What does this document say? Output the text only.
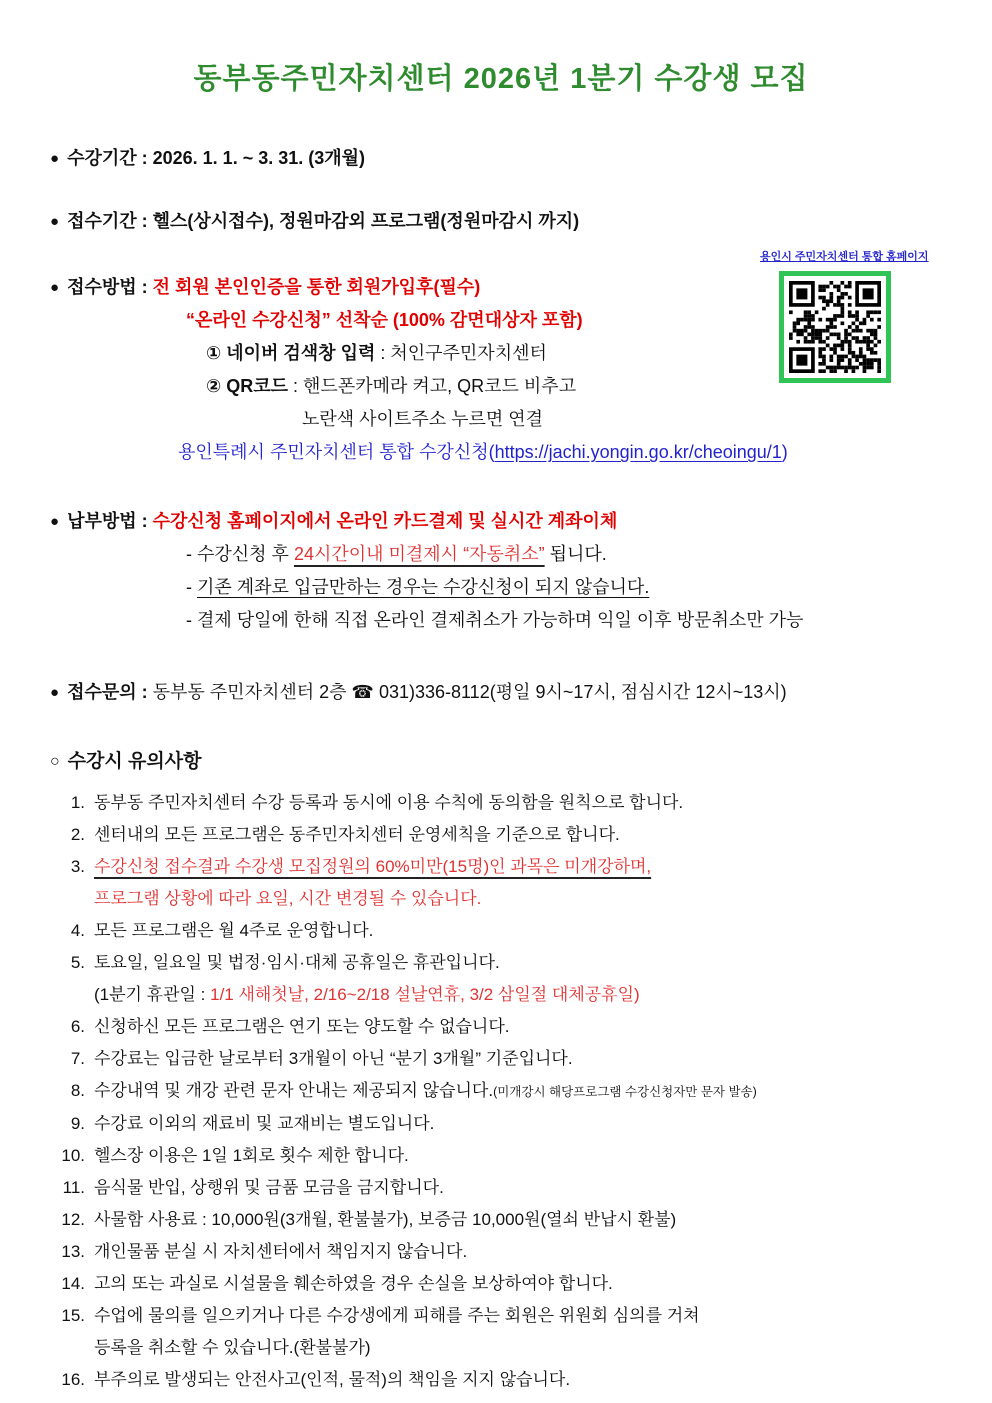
용인시 주민자치센터 통합 홈페이지
동부동주민자치센터 2026년 1분기 수강생 모집
● 수강기간 : 2026. 1. 1. ~ 3. 31. (3개월)
● 접수기간 : 헬스(상시접수), 정원마감외 프로그램(정원마감시 까지)
● 접수방법 : 전 회원 본인인증을 통한 회원가입후(필수)
“온라인 수강신청” 선착순 (100% 감면대상자 포함)
① 네이버 검색창 입력 : 처인구주민자치센터
② QR코드 : 핸드폰카메라 켜고, QR코드 비추고
노란색 사이트주소 누르면 연결
용인특례시 주민자치센터 통합 수강신청(https://jachi.yongin.go.kr/cheoingu/1)
● 납부방법 : 수강신청 홈페이지에서 온라인 카드결제 및 실시간 계좌이체
- 수강신청 후 24시간이내 미결제시 “자동취소” 됩니다.
- 기존 계좌로 입금만하는 경우는 수강신청이 되지 않습니다.
- 결제 당일에 한해 직접 온라인 결제취소가 가능하며 익일 이후 방문취소만 가능
● 접수문의 : 동부동 주민자치센터 2층 ☎ 031)336-8112(평일 9시~17시, 점심시간 12시~13시)
○ 수강시 유의사항
1. 동부동 주민자치센터 수강 등록과 동시에 이용 수칙에 동의함을 원칙으로 합니다.
2. 센터내의 모든 프로그램은 동주민자치센터 운영세칙을 기준으로 합니다.
3. 수강신청 접수결과 수강생 모집정원의 60%미만(15명)인 과목은 미개강하며,
프로그램 상황에 따라 요일, 시간 변경될 수 있습니다.
4. 모든 프로그램은 월 4주로 운영합니다.
5. 토요일, 일요일 및 법정·임시·대체 공휴일은 휴관입니다.
(1분기 휴관일 : 1/1 새해첫날, 2/16~2/18 설날연휴, 3/2 삼일절 대체공휴일)
6. 신청하신 모든 프로그램은 연기 또는 양도할 수 없습니다.
7. 수강료는 입금한 날로부터 3개월이 아닌 “분기 3개월” 기준입니다.
8. 수강내역 및 개강 관련 문자 안내는 제공되지 않습니다.(미개강시 해당프로그램 수강신청자만 문자 발송)
9. 수강료 이외의 재료비 및 교재비는 별도입니다.
10. 헬스장 이용은 1일 1회로 횟수 제한 합니다.
11. 음식물 반입, 상행위 및 금품 모금을 금지합니다.
12. 사물함 사용료 : 10,000원(3개월, 환불불가), 보증금 10,000원(열쇠 반납시 환불)
13. 개인물품 분실 시 자치센터에서 책임지지 않습니다.
14. 고의 또는 과실로 시설물을 훼손하였을 경우 손실을 보상하여야 합니다.
15. 수업에 물의를 일으키거나 다른 수강생에게 피해를 주는 회원은 위원회 심의를 거쳐
등록을 취소할 수 있습니다.(환불불가)
16. 부주의로 발생되는 안전사고(인적, 물적)의 책임을 지지 않습니다.
